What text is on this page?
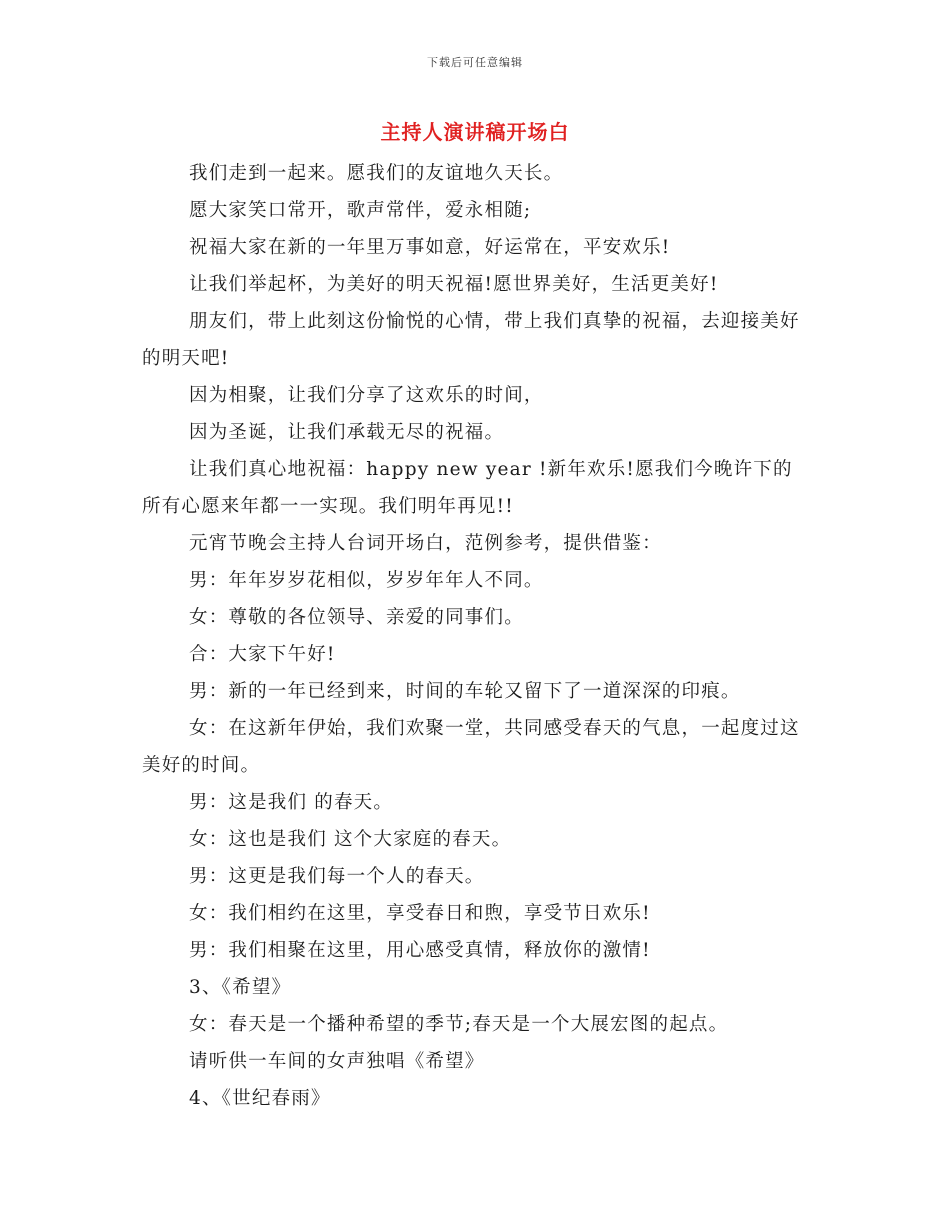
下载后可任意编辑
主持人演讲稿开场白

我们走到一起来。愿我们的友谊地久天长。

愿大家笑口常开，歌声常伴，爱永相随;

祝福大家在新的一年里万事如意，好运常在，平安欢乐!

让我们举起杯，为美好的明天祝福!愿世界美好，生活更美好!

朋友们，带上此刻这份愉悦的心情，带上我们真挚的祝福，去迎接美好的明天吧!

因为相聚，让我们分享了这欢乐的时间，

因为圣诞，让我们承载无尽的祝福。

让我们真心地祝福：happy new year !新年欢乐!愿我们今晚许下的所有心愿来年都一一实现。我们明年再见!!

元宵节晚会主持人台词开场白，范例参考，提供借鉴：

男：年年岁岁花相似，岁岁年年人不同。

女：尊敬的各位领导、亲爱的同事们。

合：大家下午好!

男：新的一年已经到来，时间的车轮又留下了一道深深的印痕。

女：在这新年伊始，我们欢聚一堂，共同感受春天的气息，一起度过这美好的时间。

男：这是我们 的春天。

女：这也是我们 这个大家庭的春天。

男：这更是我们每一个人的春天。

女：我们相约在这里，享受春日和煦，享受节日欢乐!

男：我们相聚在这里，用心感受真情，释放你的激情!

3、《希望》

女：春天是一个播种希望的季节;春天是一个大展宏图的起点。

请听供一车间的女声独唱《希望》

4、《世纪春雨》
